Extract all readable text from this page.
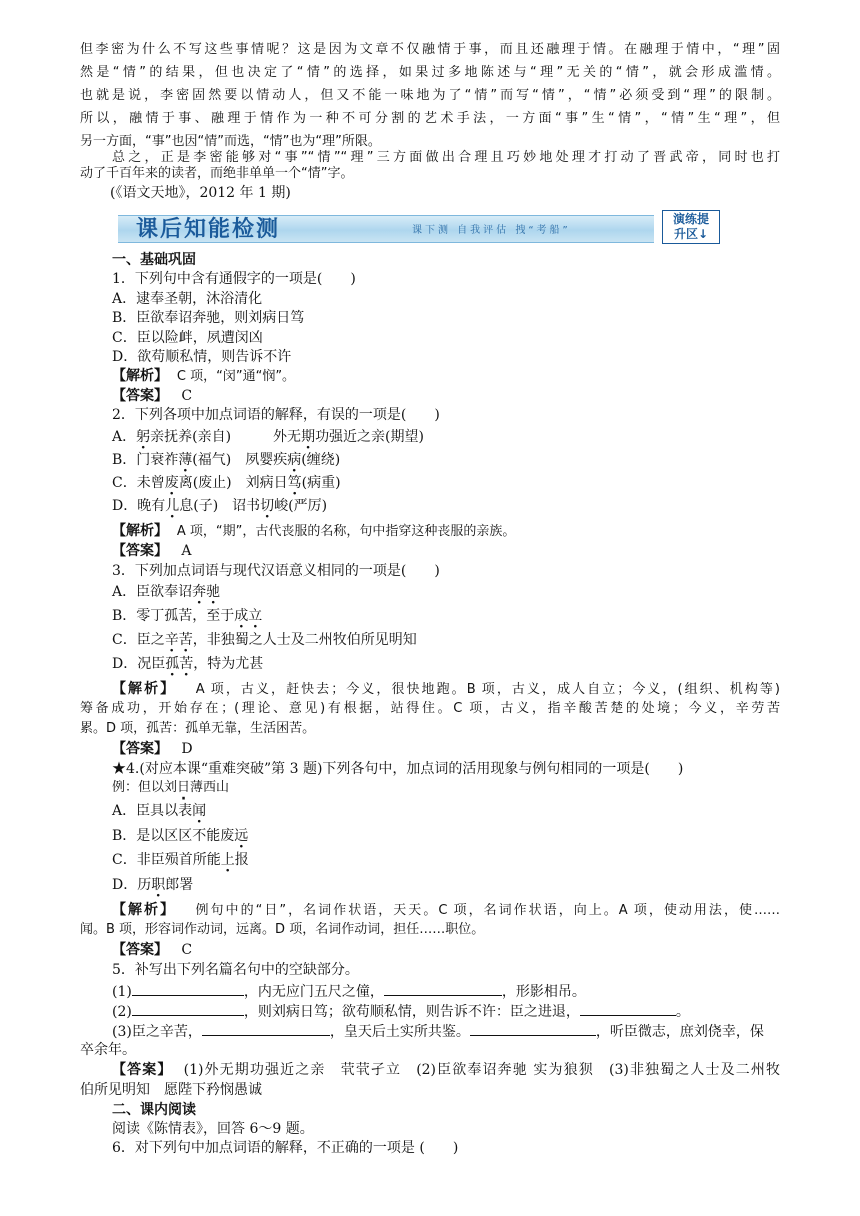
但李密为什么不写这些事情呢？这是因为文章不仅融情于事，而且还融理于情。在融理于情中，“理”固
然是“情”的结果，但也决定了“情”的选择，如果过多地陈述与“理”无关的“情”，就会形成滥情。
也就是说，李密固然要以情动人，但又不能一味地为了“情”而写“情”，“情”必须受到“理”的限制。
所以，融情于事、融理于情作为一种不可分割的艺术手法，一方面“事”生“情”，“情”生“理”，但
另一方面，“事”也因“情”而选，“情”也为“理”所限。
总之，正是李密能够对“事”“情”“理”三方面做出合理且巧妙地处理才打动了晋武帝，同时也打
动了千百年来的读者，而绝非单单一个“情”字。
(《语文天地》，2012 年 1 期)
课后知能检测	课下测 自我评估 拽“考船”
演练提
升区↓
一、基础巩固
1．下列句中含有通假字的一项是(　　)
A．逮奉圣朝，沐浴清化
B．臣欲奉诏奔驰，则刘病日笃
C．臣以险衅，夙遭闵凶
D．欲苟顺私情，则告诉不许
【解析】 C 项，“闵”通“悯”。
【答案】 C
2．下列各项中加点词语的解释，有误的一项是(　　)
A．躬亲抚养(亲自)　　　外无期功强近之亲(期望)
B．门衰祚薄(福气)　夙婴疾病(缠绕)
C．未曾废离(废止)　刘病日笃(病重)
D．晚有儿息(子)　诏书切峻(严厉)
【解析】 A 项，“期”，古代丧服的名称，句中指穿这种丧服的亲族。
【答案】 A
3．下列加点词语与现代汉语意义相同的一项是(　　)
A．臣欲奉诏奔驰
B．零丁孤苦，至于成立
C．臣之辛苦，非独蜀之人士及二州牧伯所见明知
D．况臣孤苦，特为尤甚
【解析】 A 项，古义，赶快去；今义，很快地跑。B 项，古义，成人自立；今义，(组织、机构等)
筹备成功，开始存在；(理论、意见)有根据，站得住。C 项，古义，指辛酸苦楚的处境；今义，辛劳苦
累。D 项，孤苦：孤单无靠，生活困苦。
【答案】 D
★4.(对应本课“重难突破”第 3 题)下列各句中，加点词的活用现象与例句相同的一项是(　　)
例：但以刘日薄西山
A．臣具以表闻
B．是以区区不能废远
C．非臣殒首所能上报
D．历职郎署
【解析】 例句中的“日”，名词作状语，天天。C 项，名词作状语，向上。A 项，使动用法，使……
闻。B 项，形容词作动词，远离。D 项，名词作动词，担任……职位。
【答案】 C
5．补写出下列名篇名句中的空缺部分。
(1)	，内无应门五尺之僮，	，形影相吊。
(2)	，则刘病日笃；欲苟顺私情，则告诉不许：臣之进退，	。
(3)臣之辛苦，	，皇天后土实所共鉴。	，听臣微志，庶刘侥幸，保
卒余年。
【答案】 (1)外无期功强近之亲　茕茕孑立　(2)臣欲奉诏奔驰 实为狼狈　(3)非独蜀之人士及二州牧
伯所见明知　愿陛下矜悯愚诚
二、课内阅读
阅读《陈情表》，回答 6～9 题。
6．对下列句中加点词语的解释，不正确的一项是 (　　)
